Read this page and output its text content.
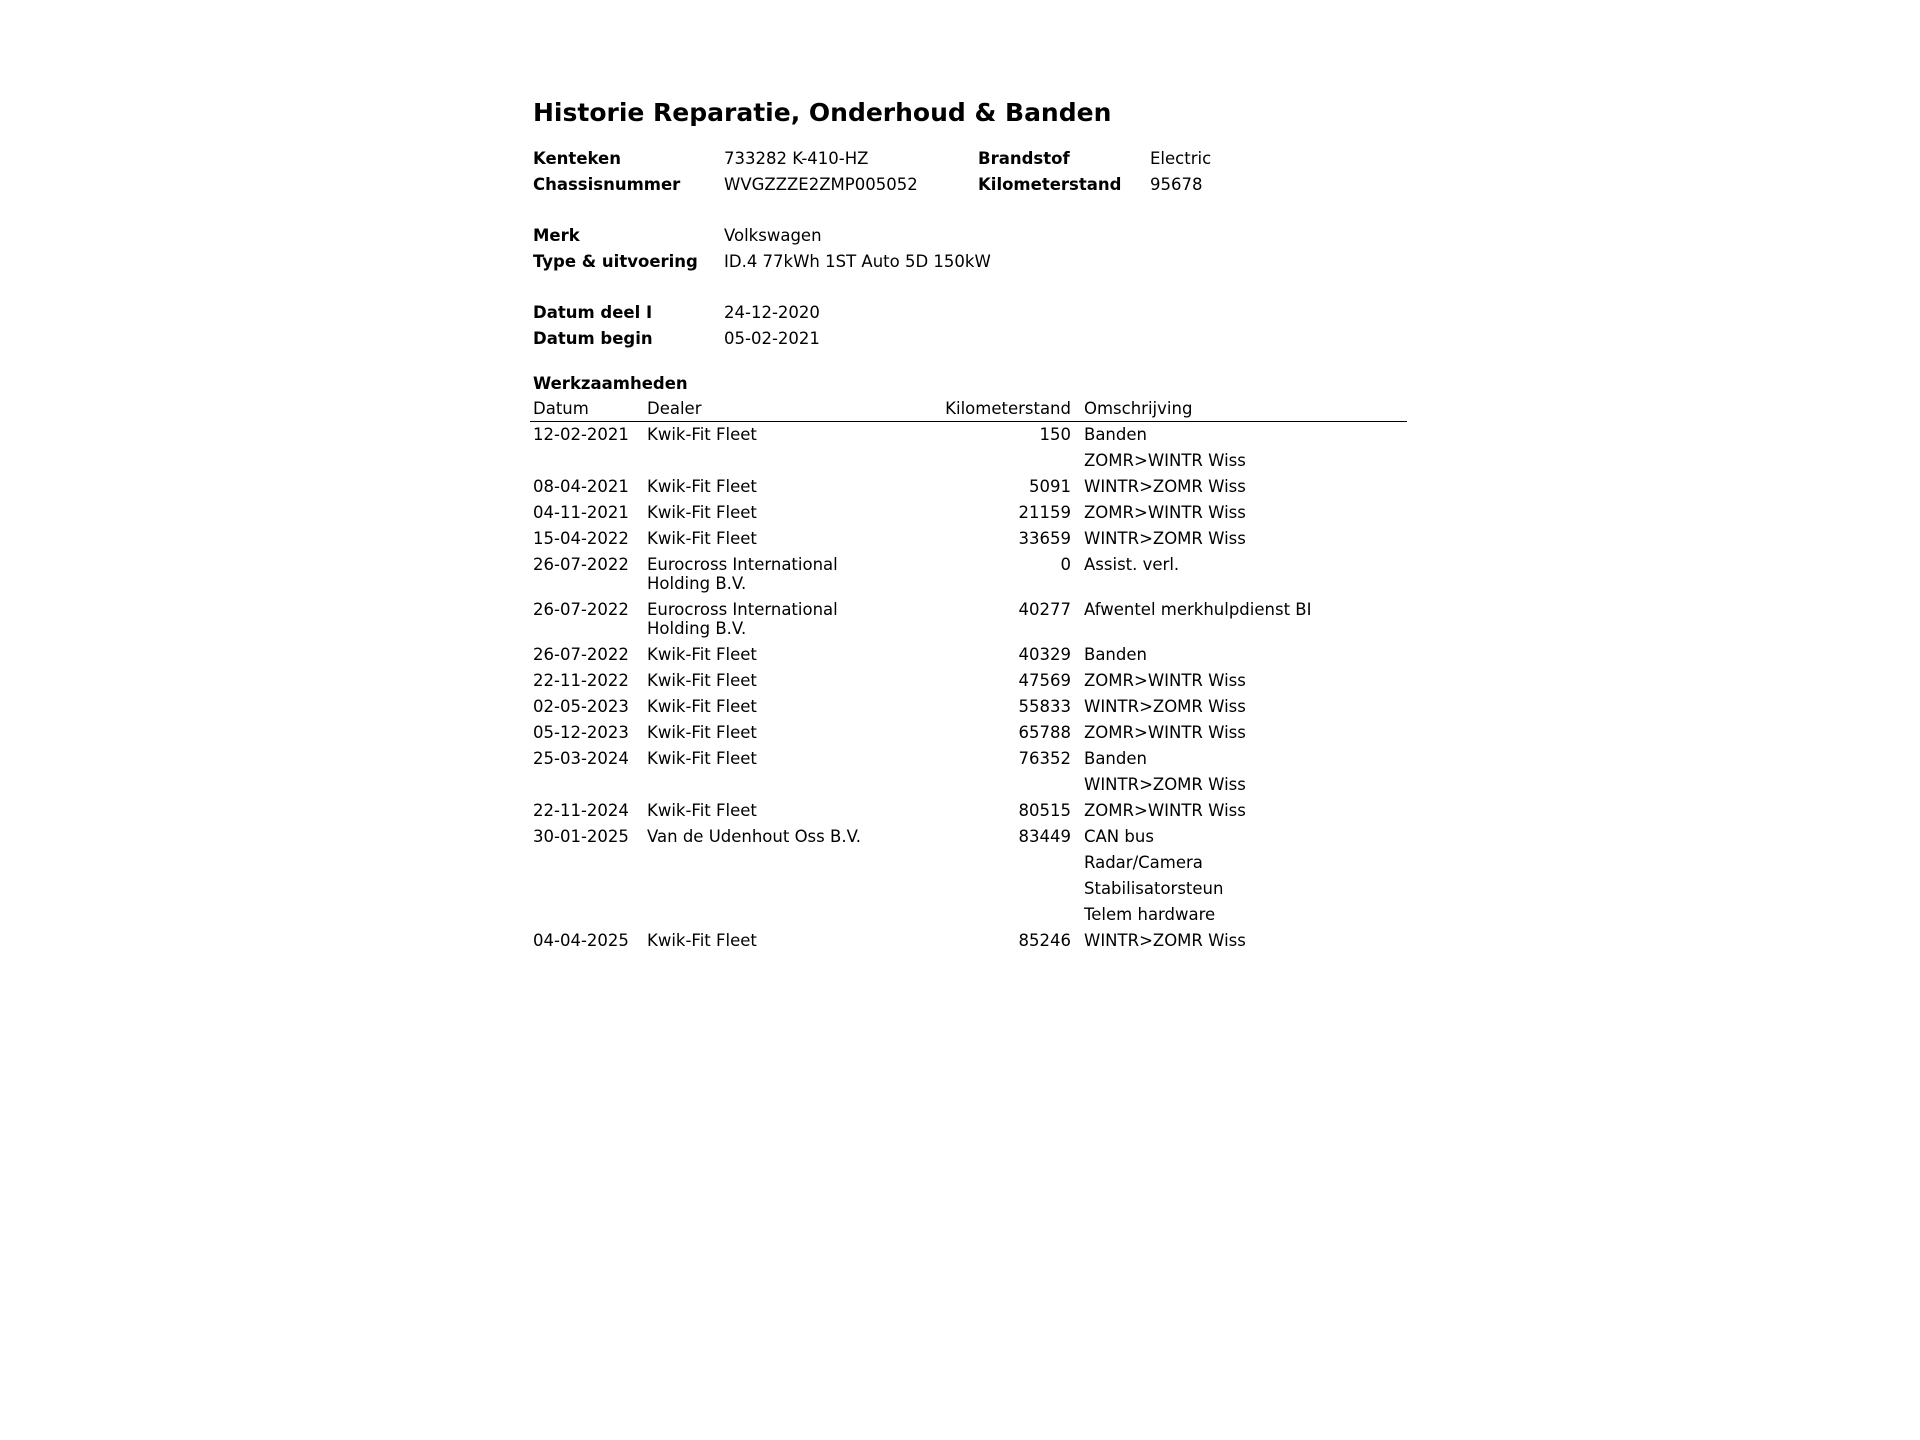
Historie Reparatie, Onderhoud & Banden
Kenteken	733282 K-410-HZ	Brandstof	Electric
Chassisnummer	WVGZZZE2ZMP005052	Kilometerstand 95678
Merk	Volkswagen
Type & uitvoering ID.4 77kWh 1ST Auto 5D 150kW
Datum deel I	24-12-2020
Datum begin	05-02-2021
Werkzaamheden
Datum	Dealer	Kilometerstand	Omschrijving
12-02-2021	Kwik-Fit Fleet	150	Banden
ZOMR>WINTR Wiss

08-04-2021	Kwik-Fit Fleet	5091	WINTR>ZOMR Wiss

04-11-2021	Kwik-Fit Fleet	21159	ZOMR>WINTR Wiss

15-04-2022	Kwik-Fit Fleet	33659	WINTR>ZOMR Wiss

26-07-2022	Eurocross International Holding B.V.	0	Assist. verl.

26-07-2022	Eurocross International Holding B.V.	40277	Afwentel merkhulpdienst BI

26-07-2022	Kwik-Fit Fleet	40329	Banden

22-11-2022	Kwik-Fit Fleet	47569	ZOMR>WINTR Wiss

02-05-2023	Kwik-Fit Fleet	55833	WINTR>ZOMR Wiss

05-12-2023	Kwik-Fit Fleet	65788	ZOMR>WINTR Wiss

25-03-2024	Kwik-Fit Fleet	76352	Banden
WINTR>ZOMR Wiss

22-11-2024	Kwik-Fit Fleet	80515	ZOMR>WINTR Wiss

30-01-2025	Van de Udenhout Oss B.V.	83449	CAN bus
Radar/Camera
Stabilisatorsteun
Telem hardware

04-04-2025	Kwik-Fit Fleet	85246	WINTR>ZOMR Wiss
